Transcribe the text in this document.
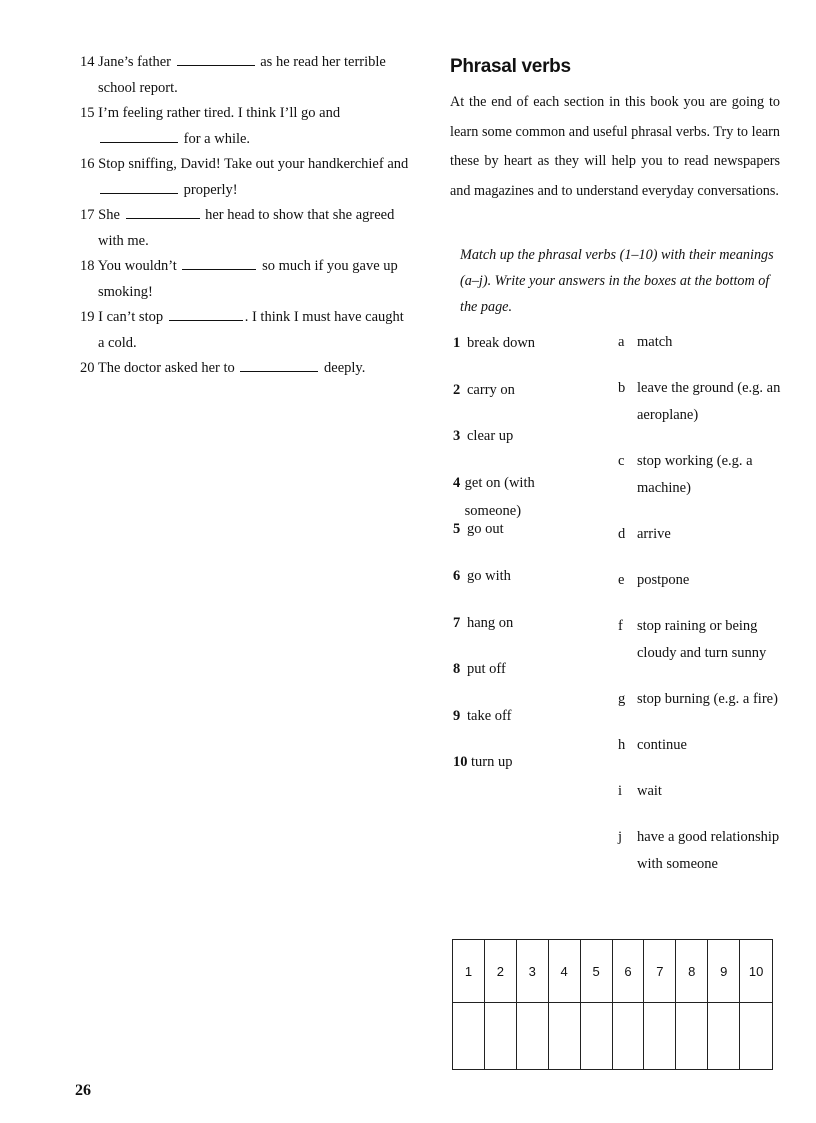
14 Jane’s father	as he read her terrible school report.

15 I’m feeling rather tired. I think I’ll go and  for a while.

16 Stop sniffing, David! Take out your handkerchief and  properly!

17 She	her head to show that she agreed with me.

18 You wouldn’t	so much if you gave up smoking!

19 I can’t stop	. I think I must have caught a cold.

20 The doctor asked her to	deeply.

Phrasal verbs

At the end of each section in this book you are going to learn some common and useful phrasal verbs. Try to learn these by heart as they will help you to read newspapers and magazines and to understand everyday conversations.

Match up the phrasal verbs (1–10) with their meanings (a–j). Write your answers in the boxes at the bottom of the page.

1 break down
2 carry on
3 clear up
4 get on (with someone)
5 go out
6 go with
7 hang on
8 put off
9 take off
10 turn up
a match
b leave the ground (e.g. an aeroplane)
c stop working (e.g. a machine)
d arrive
e postpone
f stop raining or being cloudy and turn sunny
g stop burning (e.g. a fire)
h continue
i	wait
j	have a good relationship with someone
1	2	3	4	5	6	7	8	9	10

26
